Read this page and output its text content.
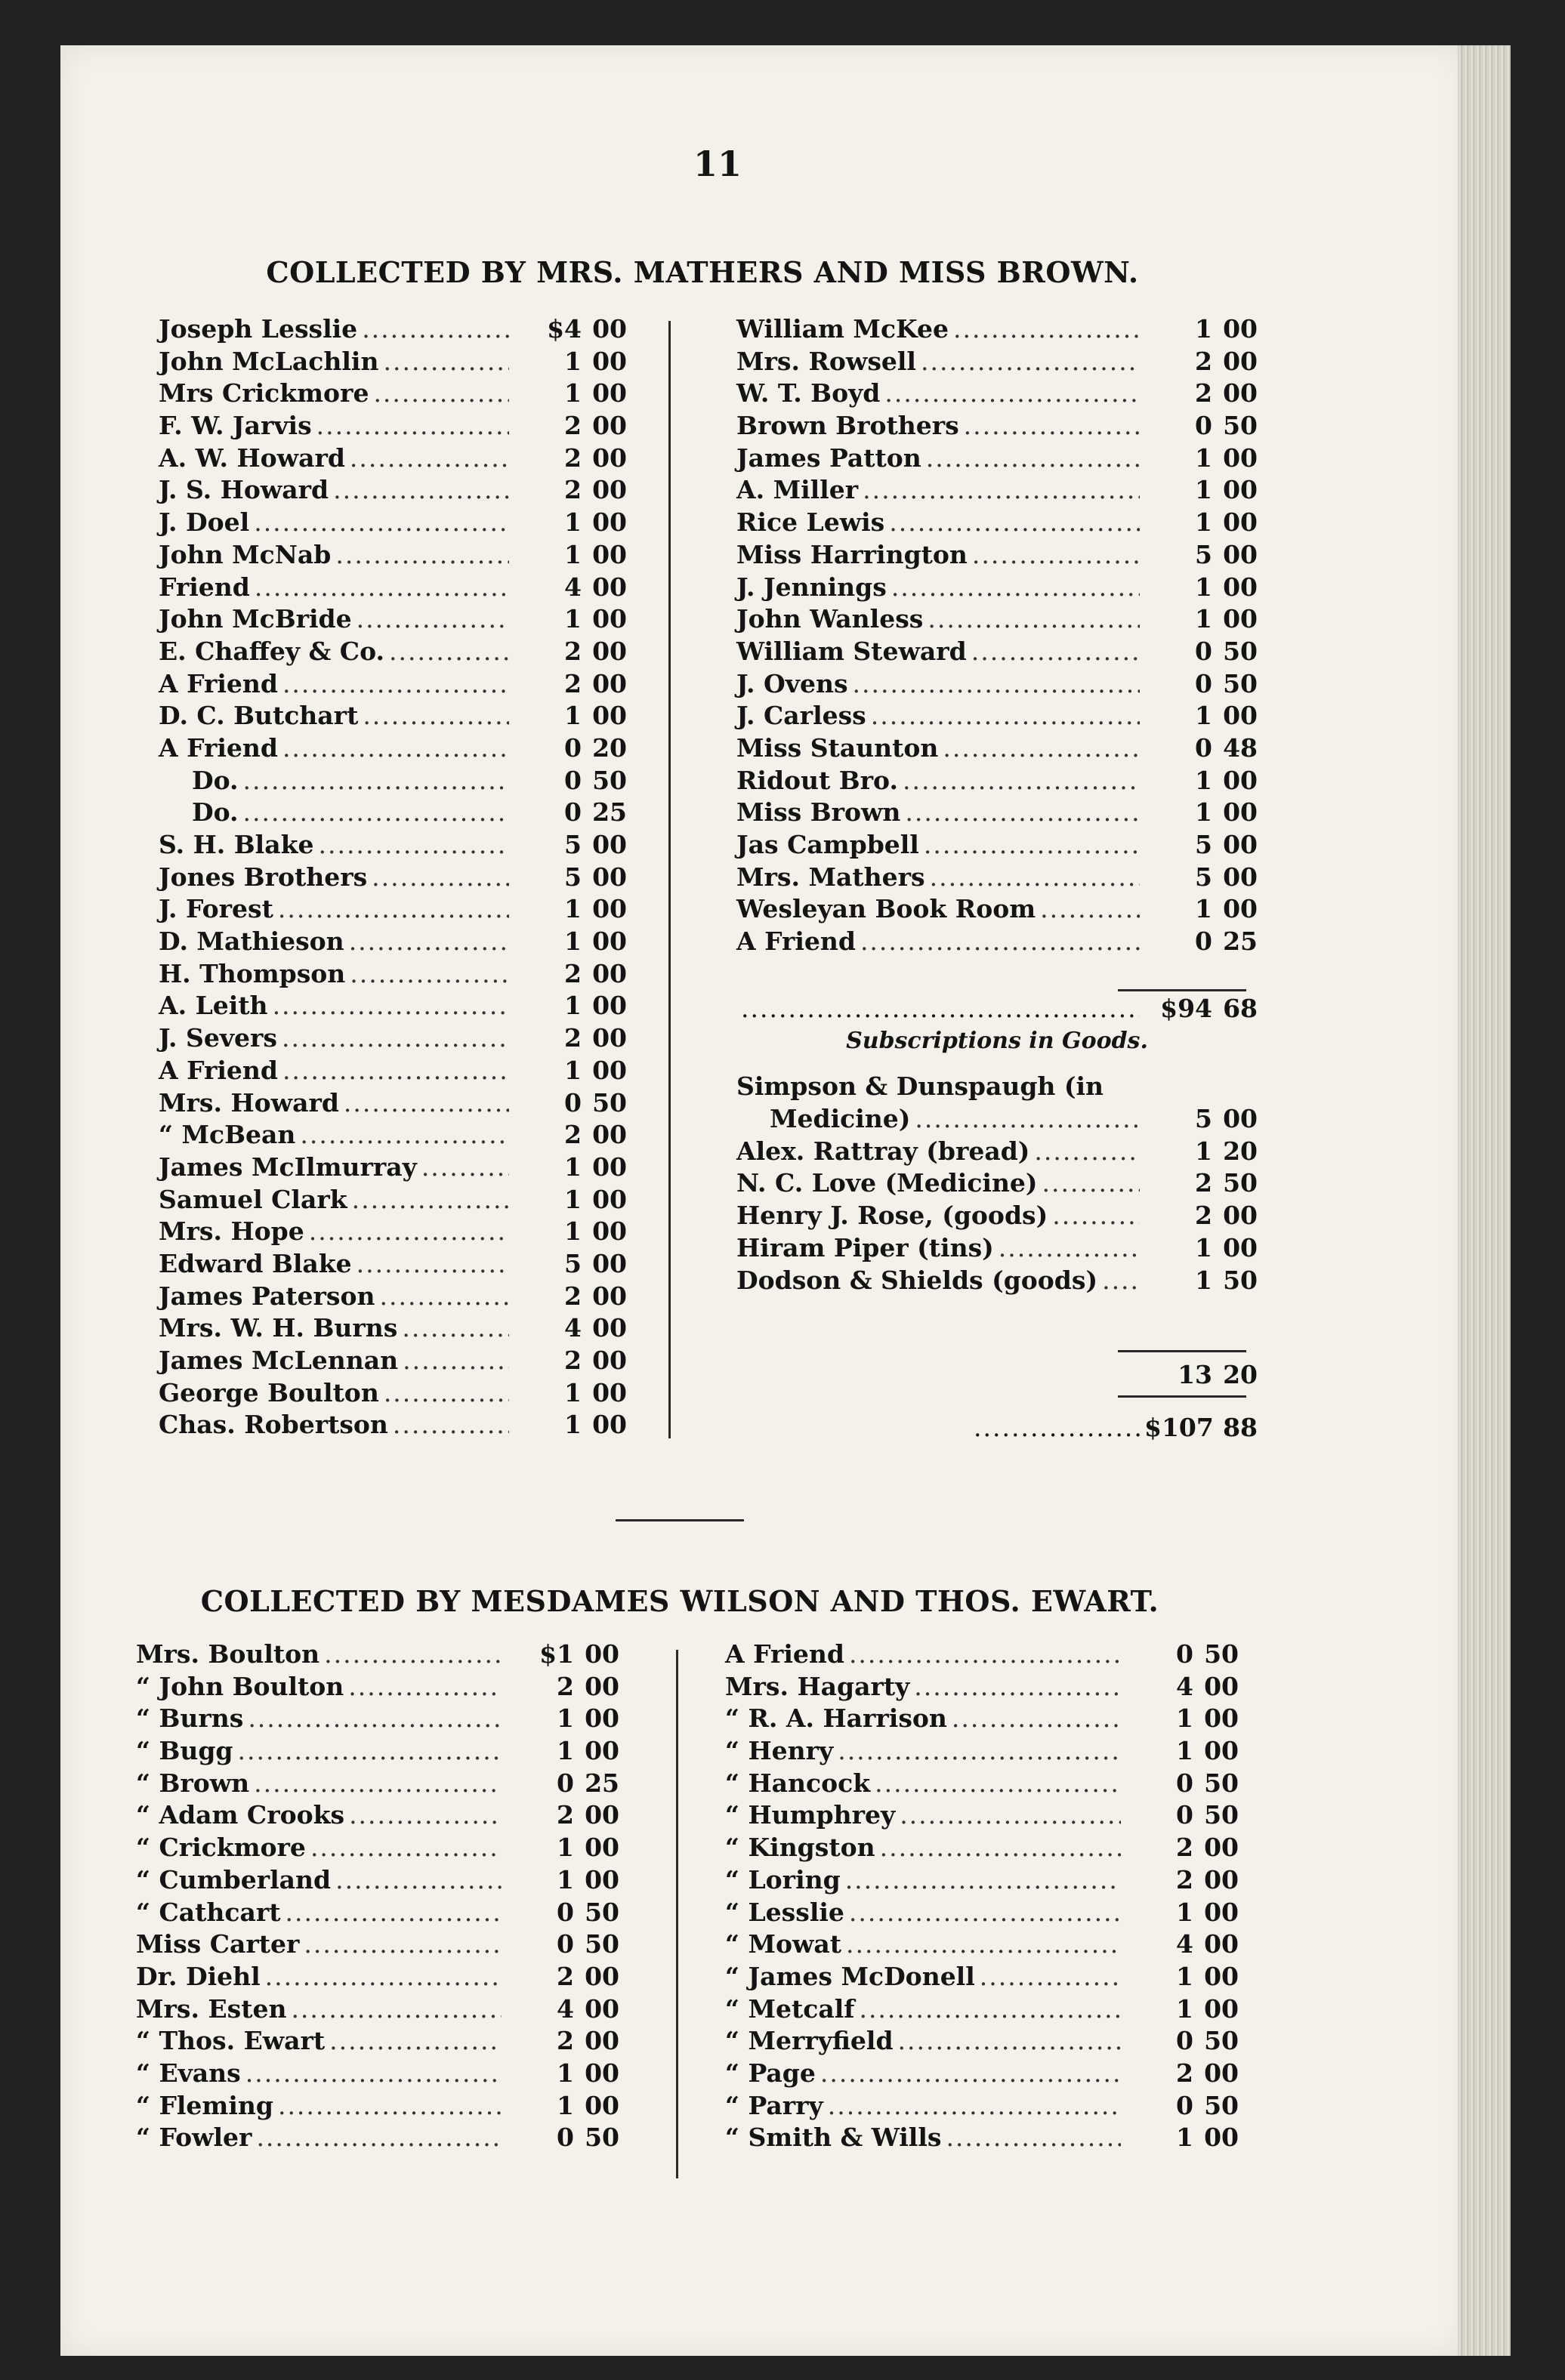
11
COLLECTED BY MRS. MATHERS AND MISS BROWN.
Joseph Lesslie .....	$4 00
John McLachlin .....	1 00
Mrs Crickmore .....	1 00
F. W. Jarvis .....	2 00
A. W. Howard .....	2 00
J. S. Howard .....	2 00
J. Doel .....	1 00
John McNab .....	1 00
Friend .....	4 00
John McBride .....	1 00
E. Chaffey & Co. .....	2 00
A Friend .....	2 00
D. C. Butchart .....	1 00
A Friend .....	0 20
Do. .....	0 50
Do. .....	0 25
S. H. Blake .....	5 00
Jones Brothers .....	5 00
J. Forest .....	1 00
D. Mathieson .....	1 00
H. Thompson .....	2 00
A. Leith .....	1 00
J. Severs .....	2 00
A Friend .....	1 00
Mrs. Howard .....	0 50
“ McBean .....	2 00
James McIlmurray .....	1 00
Samuel Clark .....	1 00
Mrs. Hope .....	1 00
Edward Blake .....	5 00
James Paterson .....	2 00
Mrs. W. H. Burns .....	4 00
James McLennan .....	2 00
George Boulton .....	1 00
Chas. Robertson .....	1 00
William McKee .....	1 00
Mrs. Rowsell .....	2 00
W. T. Boyd .....	2 00
Brown Brothers .....	0 50
James Patton .....	1 00
A. Miller .....	1 00
Rice Lewis .....	1 00
Miss Harrington .....	5 00
J. Jennings .....	1 00
John Wanless .....	1 00
William Steward .....	0 50
J. Ovens .....	0 50
J. Carless .....	1 00
Miss Staunton .....	0 48
Ridout Bro. .....	1 00
Miss Brown .....	1 00
Jas Campbell .....	5 00
Mrs. Mathers .....	5 00
Wesleyan Book Room .....	1 00
A Friend .....	0 25
.....
$94 68
Subscriptions in Goods.
Simpson & Dunspaugh (in
Medicine) .....	5 00
Alex. Rattray (bread) .....	1 20
N. C. Love (Medicine) .....	2 50
Henry J. Rose, (goods) .....	2 00
Hiram Piper (tins) .....	1 00
Dodson & Shields (goods) .....	1 50
13 20
.....
$107 88
COLLECTED BY MESDAMES WILSON AND THOS. EWART.
Mrs. Boulton .....	$1 00
“ John Boulton .....	2 00
“ Burns .....	1 00
“ Bugg .....	1 00
“ Brown .....	0 25
“ Adam Crooks .....	2 00
“ Crickmore .....	1 00
“ Cumberland .....	1 00
“ Cathcart .....	0 50
Miss Carter .....	0 50
Dr. Diehl .....	2 00
Mrs. Esten .....	4 00
“ Thos. Ewart .....	2 00
“ Evans .....	1 00
“ Fleming .....	1 00
“ Fowler .....	0 50
A Friend .....	0 50
Mrs. Hagarty .....	4 00
“ R. A. Harrison .....	1 00
“ Henry .....	1 00
“ Hancock .....	0 50
“ Humphrey .....	0 50
“ Kingston .....	2 00
“ Loring .....	2 00
“ Lesslie .....	1 00
“ Mowat .....	4 00
“ James McDonell .....	1 00
“ Metcalf .....	1 00
“ Merryfield .....	0 50
“ Page .....	2 00
“ Parry .....	0 50
“ Smith & Wills .....	1 00
